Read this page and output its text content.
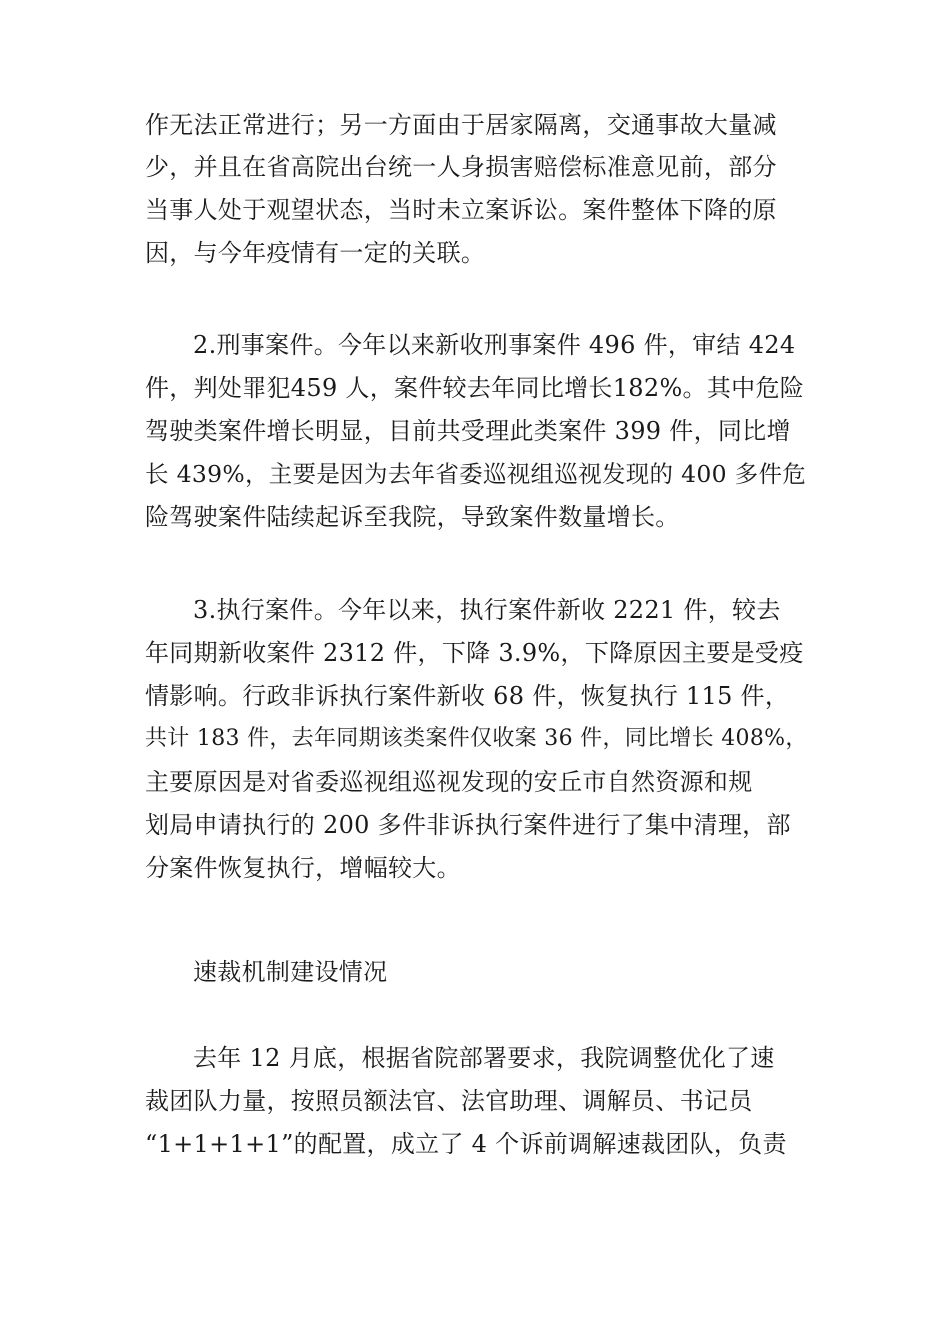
作无法正常进行；另一方面由于居家隔离，交通事故大量减
少，并且在省高院出台统一人身损害赔偿标准意见前，部分
当事人处于观望状态，当时未立案诉讼。案件整体下降的原
因，与今年疫情有一定的关联。
2.刑事案件。今年以来新收刑事案件 496 件，审结 424
件，判处罪犯459 人，案件较去年同比增长182%。其中危险
驾驶类案件增长明显，目前共受理此类案件 399 件，同比增
长 439%，主要是因为去年省委巡视组巡视发现的 400 多件危
险驾驶案件陆续起诉至我院，导致案件数量增长。
3.执行案件。今年以来，执行案件新收 2221 件，较去
年同期新收案件 2312 件，下降 3.9%，下降原因主要是受疫
情影响。行政非诉执行案件新收 68 件，恢复执行 115 件，
共计 183 件，去年同期该类案件仅收案 36 件，同比增长 408%，
主要原因是对省委巡视组巡视发现的安丘市自然资源和规
划局申请执行的 200 多件非诉执行案件进行了集中清理，部
分案件恢复执行，增幅较大。
速裁机制建设情况
去年 12 月底，根据省院部署要求，我院调整优化了速
裁团队力量，按照员额法官、法官助理、调解员、书记员
“1+1+1+1”的配置，成立了 4 个诉前调解速裁团队，负责
